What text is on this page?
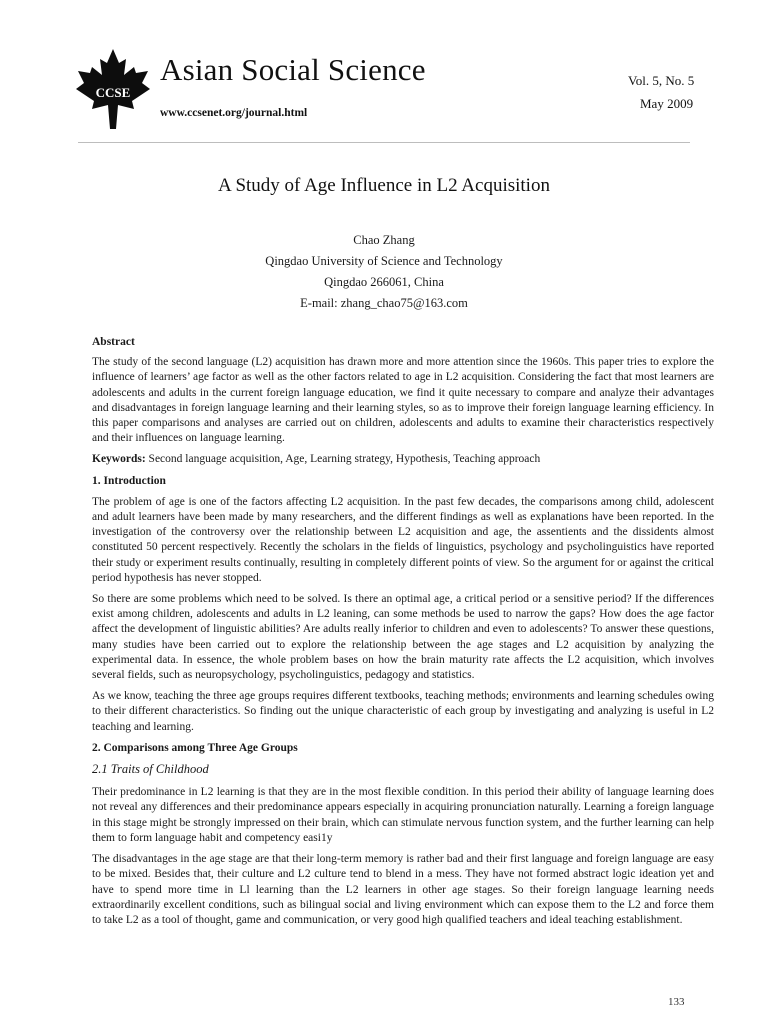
CCSE
Asian Social Science
www.ccsenet.org/journal.html
Vol. 5, No. 5
May 2009
A Study of Age Influence in L2 Acquisition
Chao Zhang
Qingdao University of Science and Technology
Qingdao 266061, China
E-mail: zhang_chao75@163.com
Abstract

The study of the second language (L2) acquisition has drawn more and more attention since the 1960s. This paper tries to explore the influence of learners’ age factor as well as the other factors related to age in L2 acquisition. Considering the fact that most learners are adolescents and adults in the current foreign language education, we find it quite necessary to compare and analyze their advantages and disadvantages in foreign language learning and their learning styles, so as to improve their foreign language learning efficiency. In this paper comparisons and analyses are carried out on children, adolescents and adults to examine their characteristics respectively and their influences on language learning.

Keywords: Second language acquisition, Age, Learning strategy, Hypothesis, Teaching approach

1. Introduction

The problem of age is one of the factors affecting L2 acquisition. In the past few decades, the comparisons among child, adolescent and adult learners have been made by many researchers, and the different findings as well as explanations have been reported. In the investigation of the controversy over the relationship between L2 acquisition and age, the assentients and the dissidents almost constituted 50 percent respectively. Recently the scholars in the fields of linguistics, psychology and psycholinguistics have reported their study or experiment results continually, resulting in completely different points of view. So the argument for or against the critical period hypothesis has never stopped.

So there are some problems which need to be solved. Is there an optimal age, a critical period or a sensitive period? If the differences exist among children, adolescents and adults in L2 leaning, can some methods be used to narrow the gaps? How does the age factor affect the development of linguistic abilities? Are adults really inferior to children and even to adolescents? To answer these questions, many studies have been carried out to explore the relationship between the age stages and L2 acquisition by analyzing the experimental data. In essence, the whole problem bases on how the brain maturity rate affects the L2 acquisition, which involves several fields, such as neuropsychology, psycholinguistics, pedagogy and statistics.

As we know, teaching the three age groups requires different textbooks, teaching methods; environments and learning schedules owing to their different characteristics. So finding out the unique characteristic of each group by investigating and analyzing is useful in L2 teaching and learning.

2. Comparisons among Three Age Groups
2.1 Traits of Childhood

Their predominance in L2 learning is that they are in the most flexible condition. In this period their ability of language learning does not reveal any differences and their predominance appears especially in acquiring pronunciation naturally. Learning a foreign language in this stage might be strongly impressed on their brain, which can stimulate nervous function system, and the further learning can help them to form language habit and competency easi1y

The disadvantages in the age stage are that their long-term memory is rather bad and their first language and foreign language are easy to be mixed. Besides that, their culture and L2 culture tend to blend in a mess. They have not formed abstract logic ideation yet and have to spend more time in Ll learning than the L2 learners in other age stages. So their foreign language learning needs extraordinarily excellent conditions, such as bilingual social and living environment which can expose them to the L2 and force them to take L2 as a tool of thought, game and communication, or very good high qualified teachers and ideal teaching establishment.

133
